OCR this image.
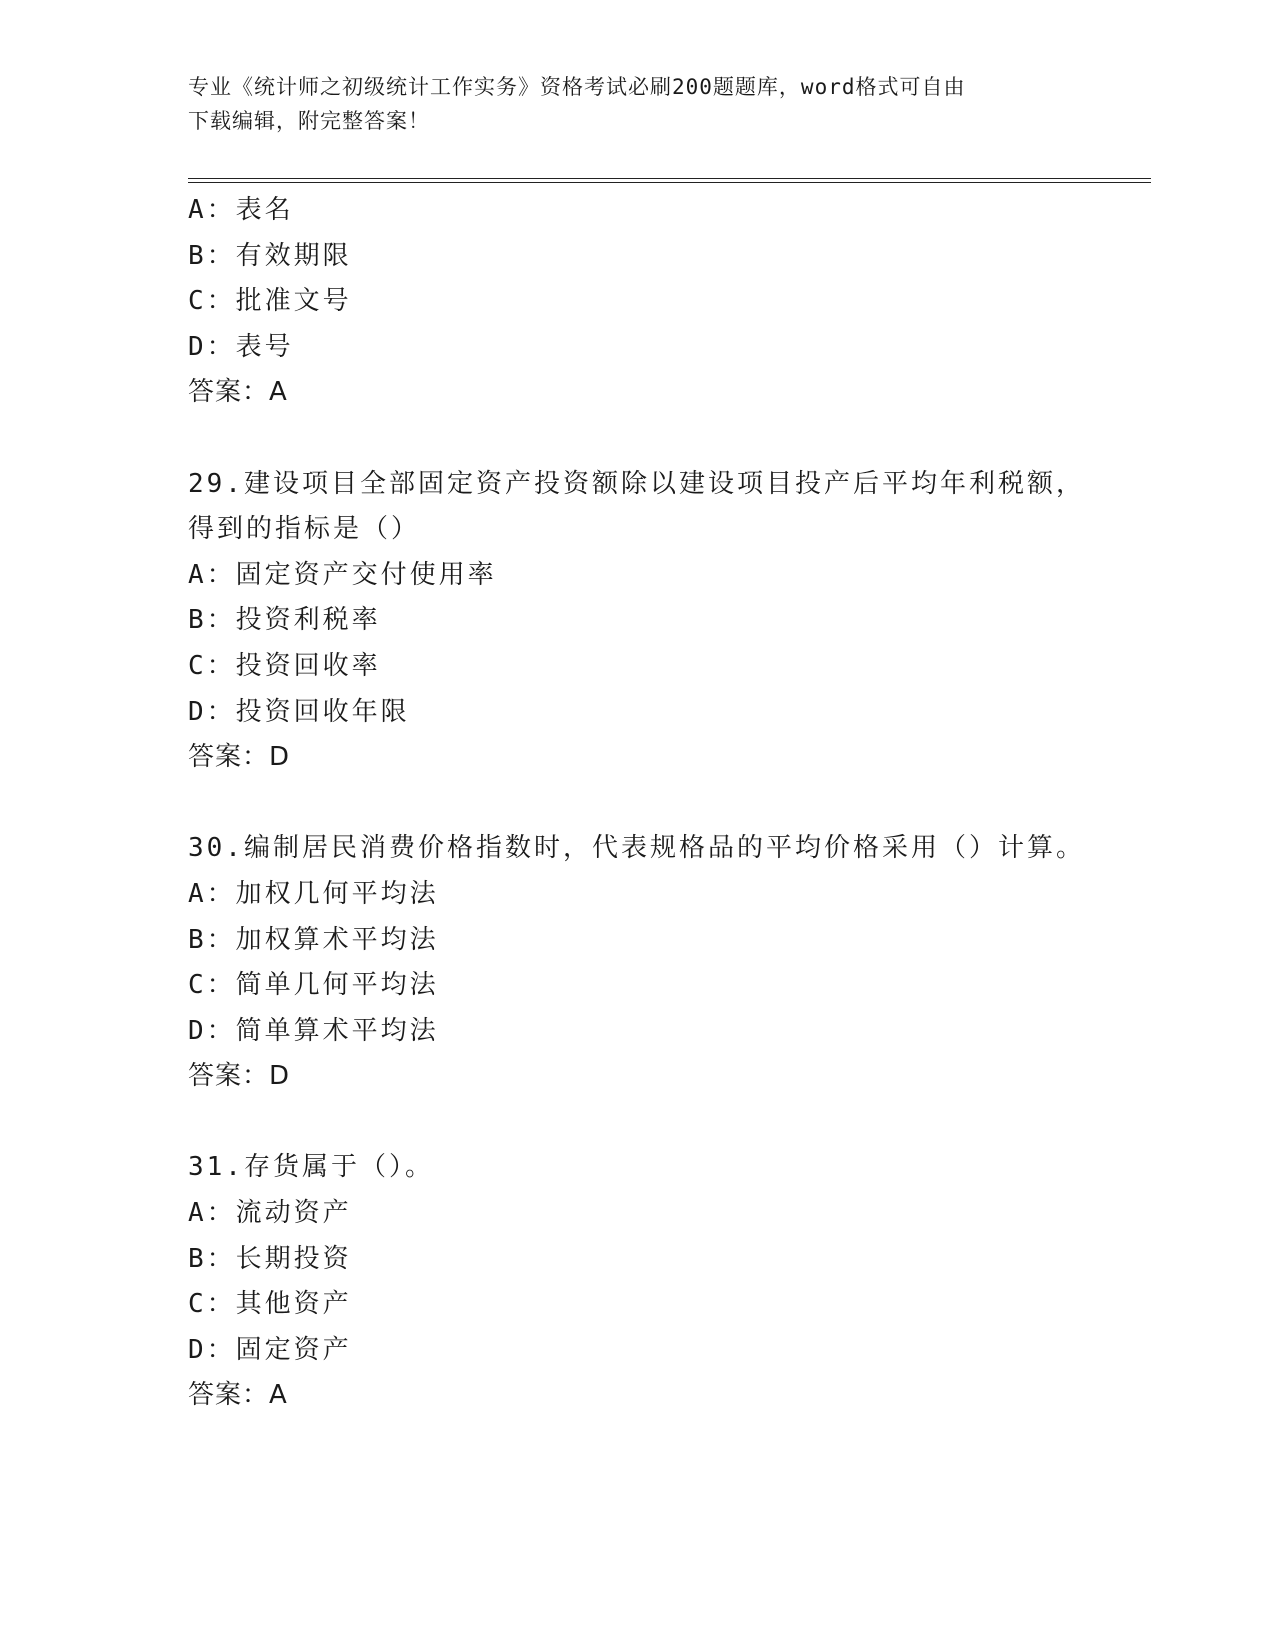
专业《统计师之初级统计工作实务》资格考试必刷200题题库，word格式可自由
下载编辑，附完整答案！
A：表名
B：有效期限
C：批准文号
D：表号
答案：A
29.建设项目全部固定资产投资额除以建设项目投产后平均年利税额，
得到的指标是（）
A：固定资产交付使用率
B：投资利税率
C：投资回收率
D：投资回收年限
答案：D
30.编制居民消费价格指数时，代表规格品的平均价格采用（）计算。
A：加权几何平均法
B：加权算术平均法
C：简单几何平均法
D：简单算术平均法
答案：D
31.存货属于（）。
A：流动资产
B：长期投资
C：其他资产
D：固定资产
答案：A
